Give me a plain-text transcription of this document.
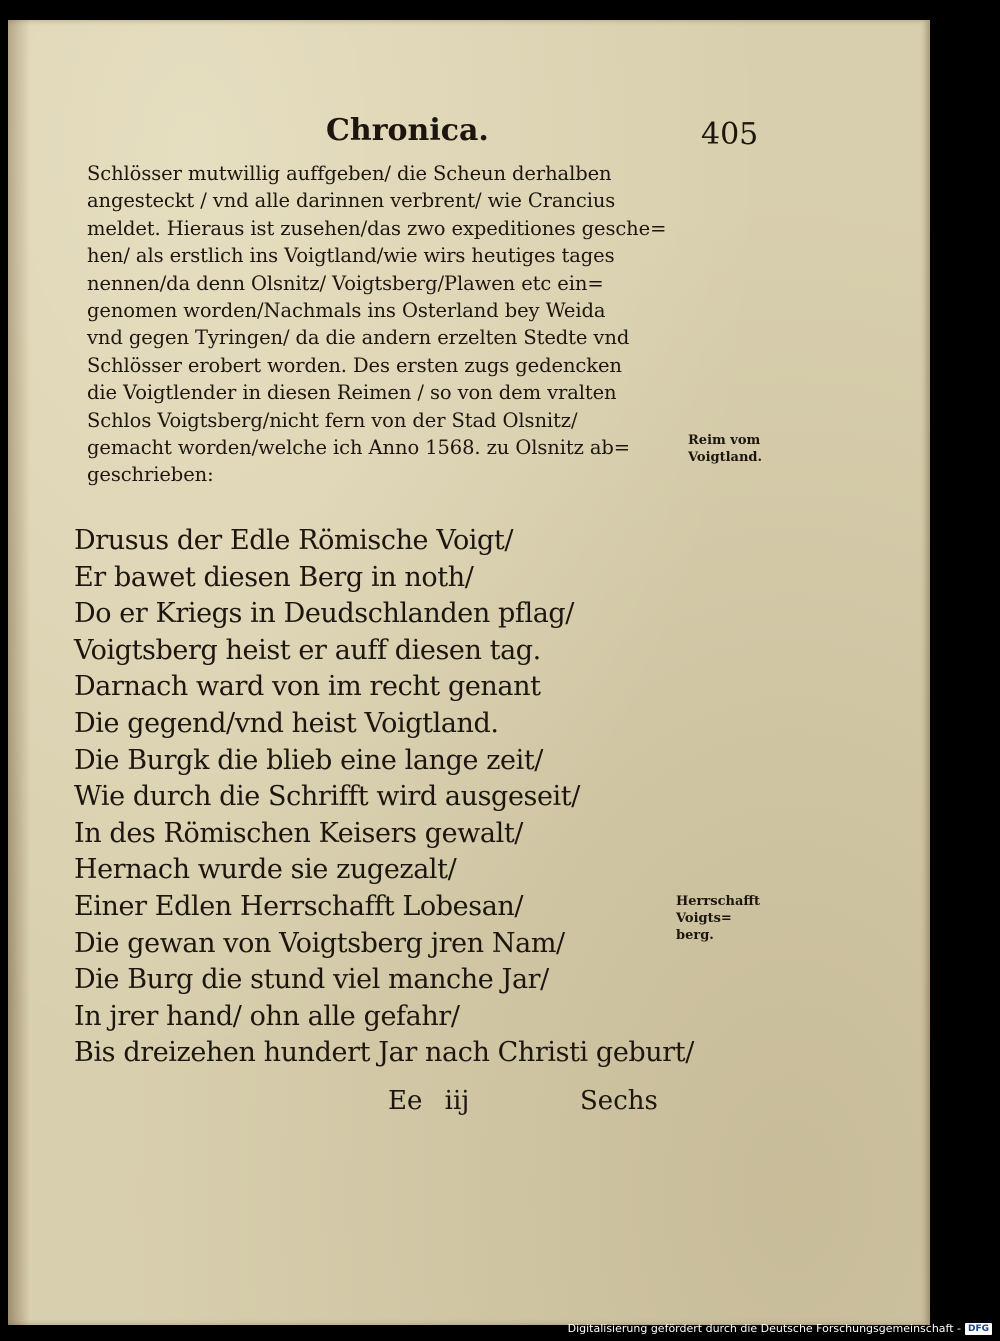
Chronica.	405
Schlösser mutwillig auffgeben/ die Scheun derhalben
angesteckt / vnd alle darinnen verbrent/ wie Crancius
meldet. Hieraus ist zusehen/das zwo expeditiones gesche=
hen/ als erstlich ins Voigtland/wie wirs heutiges tages
nennen/da denn Olsnitz/ Voigtsberg/Plawen etc ein=
genomen worden/Nachmals ins Osterland bey Weida
vnd gegen Tyringen/ da die andern erzelten Stedte vnd
Schlösser erobert worden. Des ersten zugs gedencken
die Voigtlender in diesen Reimen / so von dem vralten
Schlos Voigtsberg/nicht fern von der Stad Olsnitz/
gemacht worden/welche ich Anno 1568. zu Olsnitz ab=
geschrieben:
Reim vom
Voigtland.
Drusus der Edle Römische Voigt/
Er bawet diesen Berg in noth/
Do er Kriegs in Deudschlanden pflag/
Voigtsberg heist er auff diesen tag.
Darnach ward von im recht genant
Die gegend/vnd heist Voigtland.
Die Burgk die blieb eine lange zeit/
Wie durch die Schrifft wird ausgeseit/
In des Römischen Keisers gewalt/
Hernach wurde sie zugezalt/
Einer Edlen Herrschafft Lobesan/
Die gewan von Voigtsberg jren Nam/
Die Burg die stund viel manche Jar/
In jrer hand/ ohn alle gefahr/
Bis dreizehen hundert Jar nach Christi geburt/
Herrschafft
Voigts=
berg.
Ee iij	Sechs
Digitalisierung gefördert durch die Deutsche Forschungsgemeinschaft - DFG
